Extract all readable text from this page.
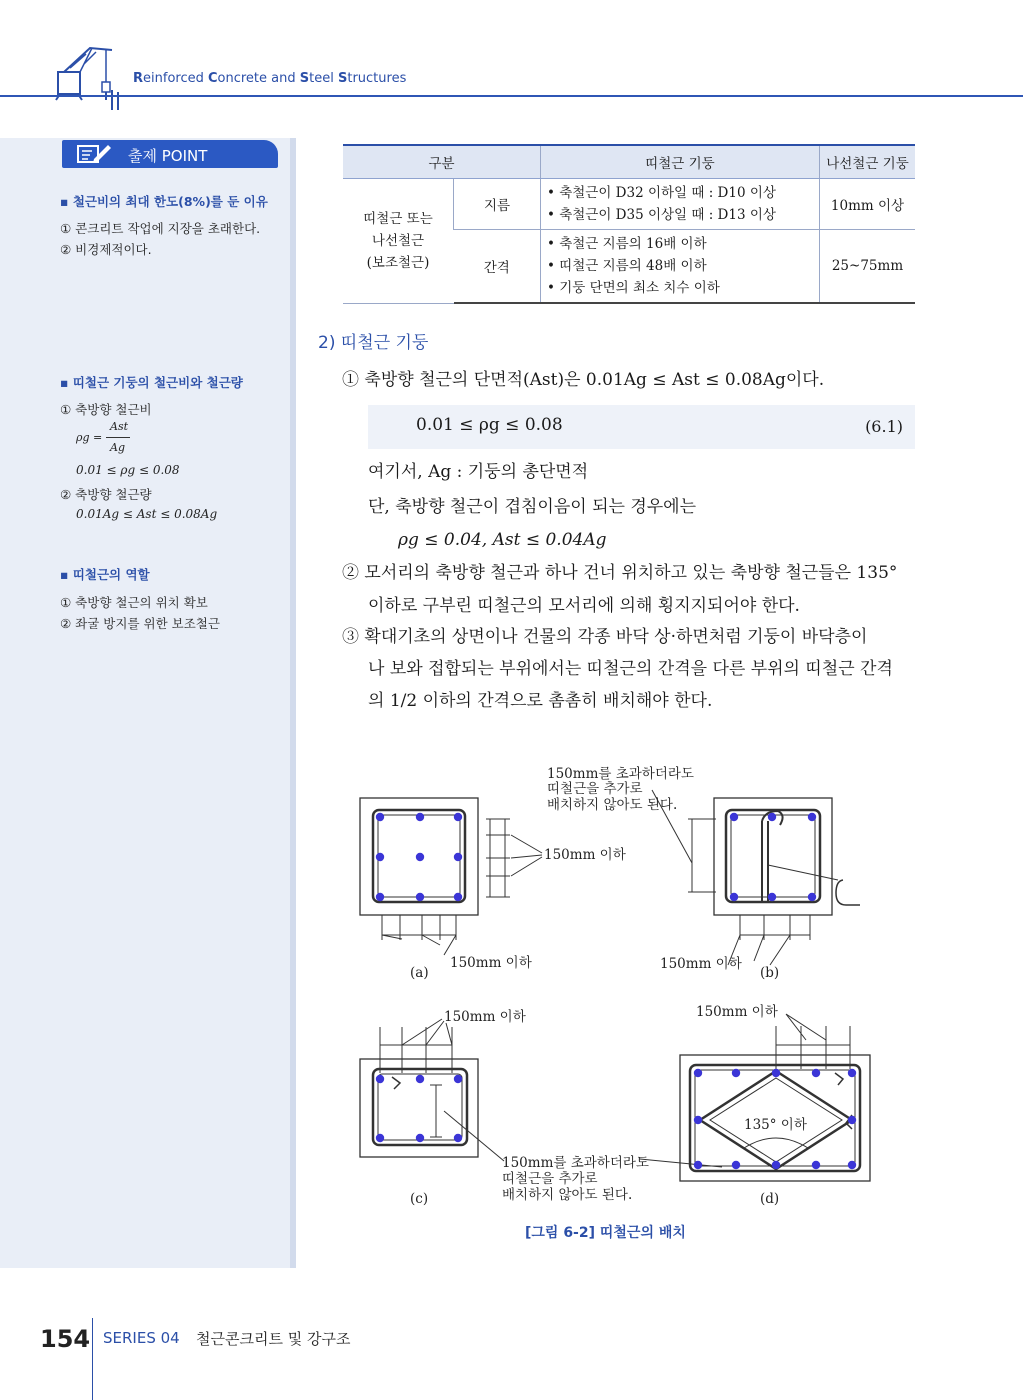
Reinforced Concrete and Steel Structures
출제 POINT
▪ 철근비의 최대 한도(8%)를 둔 이유
① 콘크리트 작업에 지장을 초래한다.
② 비경제적이다.
▪ 띠철근 기둥의 철근비와 철근량
① 축방향 철근비
ρg =
Ast
Ag
0.01 ≤ ρg ≤ 0.08
② 축방향 철근량
0.01Ag ≤ Ast ≤ 0.08Ag
▪ 띠철근의 역할
① 축방향 철근의 위치 확보
② 좌굴 방지를 위한 보조철근
구분		띠철근 기둥	나선철근 기둥

띠철근 또는
나선철근
(보조철근)	지름	• 축철근이 D32 이하일 때 : D10 이상
• 축철근이 D35 이상일 때 : D13 이상	10mm 이상
	간격	• 축철근 지름의 16배 이하
• 띠철근 지름의 48배 이하
• 기둥 단면의 최소 치수 이하	25~75mm
2) 띠철근 기둥
① 축방향 철근의 단면적(Ast)은 0.01Ag ≤ Ast ≤ 0.08Ag이다.
0.01 ≤ ρg ≤ 0.08	(6.1)
여기서, Ag : 기둥의 총단면적
단, 축방향 철근이 겹침이음이 되는 경우에는
ρg ≤ 0.04, Ast ≤ 0.04Ag
② 모서리의 축방향 철근과 하나 건너 위치하고 있는 축방향 철근들은 135°
이하로 구부린 띠철근의 모서리에 의해 횡지지되어야 한다.
③ 확대기초의 상면이나 건물의 각종 바닥 상·하면처럼 기둥이 바닥층이
나 보와 접합되는 부위에서는 띠철근의 간격을 다른 부위의 띠철근 간격
의 1/2 이하의 간격으로 촘촘히 배치해야 한다.
150mm를 초과하더라도
띠철근을 추가로
배치하지 않아도 된다.
150mm 이하
150mm 이하	150mm 이하
150mm 이하	150mm 이하
135° 이하
150mm를 초과하더라도
띠철근을 추가로
배치하지 않아도 된다.
(a)	(b)
(c)	(d)
[그림 6-2] 띠철근의 배치
154 SERIES 04 철근콘크리트 및 강구조
